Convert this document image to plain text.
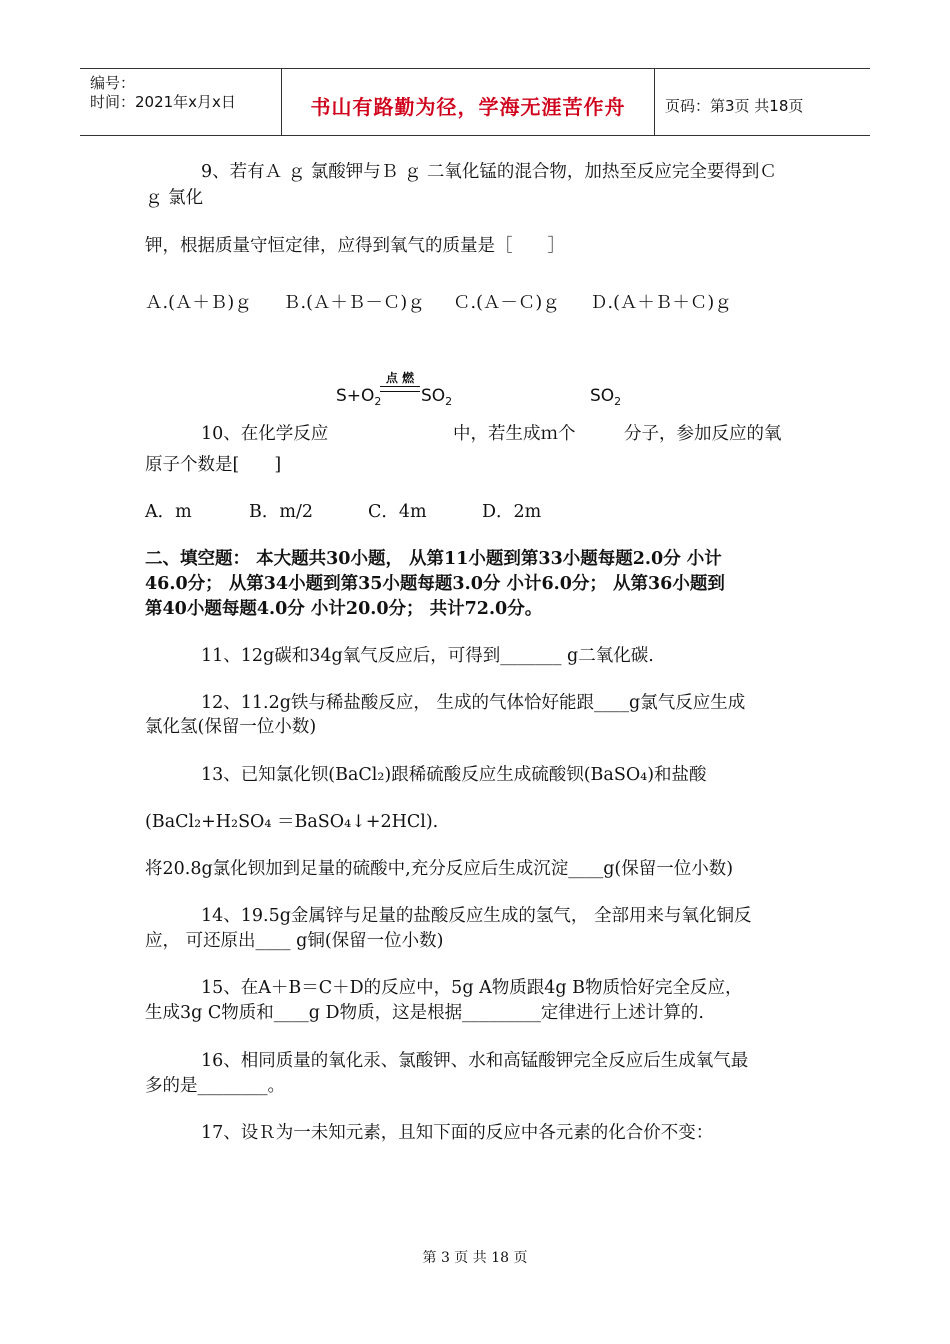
编号：
时间：2021年x月x日	书山有路勤为径，学海无涯苦作舟	页码：第3页 共18页
9、若有Ａ ｇ 氯酸钾与Ｂ ｇ 二氧化锰的混合物，加热至反应完全要得到Ｃ
ｇ 氯化
钾，根据质量守恒定律，应得到氧气的质量是［　　］
Ａ.(Ａ＋Ｂ)ｇ Ｂ.(Ａ＋Ｂ－Ｃ)ｇ Ｃ.(Ａ－Ｃ)ｇ Ｄ.(Ａ＋Ｂ＋Ｃ)ｇ
$S+O_2$
点 燃
$SO_2$	$SO_2$
10、在化学反应	中，若生成ｍ个	分子，参加反应的氧
原子个数是[　　]
A．m	B．m/2	C．4m	D．2m
二、填空题： 本大题共30小题， 从第11小题到第33小题每题2.0分 小计
46.0分； 从第34小题到第35小题每题3.0分 小计6.0分； 从第36小题到
第40小题每题4.0分 小计20.0分； 共计72.0分。
11、12g碳和34g氧气反应后，可得到_______ g二氧化碳.
12、11.2g铁与稀盐酸反应， 生成的气体恰好能跟____g氯气反应生成
氯化氢(保留一位小数)
13、已知氯化钡(BaCl₂)跟稀硫酸反应生成硫酸钡(BaSO₄)和盐酸
(BaCl₂+H₂SO₄ ＝BaSO₄↓+2HCl).
将20.8g氯化钡加到足量的硫酸中,充分反应后生成沉淀____g(保留一位小数)
14、19.5g金属锌与足量的盐酸反应生成的氢气， 全部用来与氧化铜反
应， 可还原出____ g铜(保留一位小数)
15、在A＋B＝C＋D的反应中，5g A物质跟4g B物质恰好完全反应，
生成3g C物质和____g D物质，这是根据_________定律进行上述计算的.
16、相同质量的氧化汞、氯酸钾、水和高锰酸钾完全反应后生成氧气最
多的是________。
17、设Ｒ为一未知元素，且知下面的反应中各元素的化合价不变：
第 3 页 共 18 页
